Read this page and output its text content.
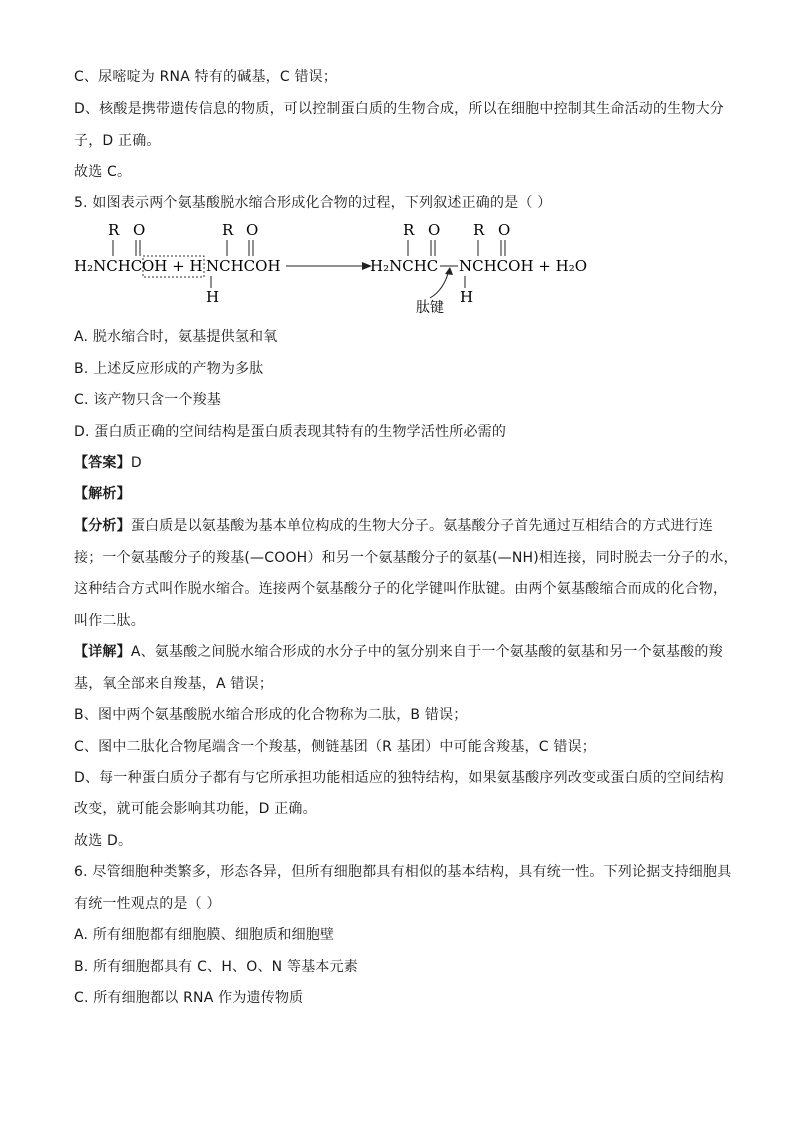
C、尿嘧啶为 RNA 特有的碱基，C 错误；
D、核酸是携带遗传信息的物质，可以控制蛋白质的生物合成，所以在细胞中控制其生命活动的生物大分
子，D 正确。
故选 C。
5. 如图表示两个氨基酸脱水缩合形成化合物的过程，下列叙述正确的是（ ）
R O	R O
H₂NCHC OH + H NCHCOH
H
R O R O
H₂NCHC NCHCOH + H₂O
H
肽键
A. 脱水缩合时，氨基提供氢和氧
B. 上述反应形成的产物为多肽
C. 该产物只含一个羧基
D. 蛋白质正确的空间结构是蛋白质表现其特有的生物学活性所必需的
【答案】D
【解析】
【分析】蛋白质是以氨基酸为基本单位构成的生物大分子。氨基酸分子首先通过互相结合的方式进行连
接；一个氨基酸分子的羧基(—COOH）和另一个氨基酸分子的氨基(—NH)相连接，同时脱去一分子的水，
这种结合方式叫作脱水缩合。连接两个氨基酸分子的化学键叫作肽键。由两个氨基酸缩合而成的化合物，
叫作二肽。
【详解】A、氨基酸之间脱水缩合形成的水分子中的氢分别来自于一个氨基酸的氨基和另一个氨基酸的羧
基，氧全部来自羧基，A 错误；
B、图中两个氨基酸脱水缩合形成的化合物称为二肽，B 错误；
C、图中二肽化合物尾端含一个羧基，侧链基团（R 基团）中可能含羧基，C 错误；
D、每一种蛋白质分子都有与它所承担功能相适应的独特结构，如果氨基酸序列改变或蛋白质的空间结构
改变，就可能会影响其功能，D 正确。
故选 D。
6. 尽管细胞种类繁多，形态各异，但所有细胞都具有相似的基本结构，具有统一性。下列论据支持细胞具
有统一性观点的是（ ）
A. 所有细胞都有细胞膜、细胞质和细胞壁
B. 所有细胞都具有 C、H、O、N 等基本元素
C. 所有细胞都以 RNA 作为遗传物质
